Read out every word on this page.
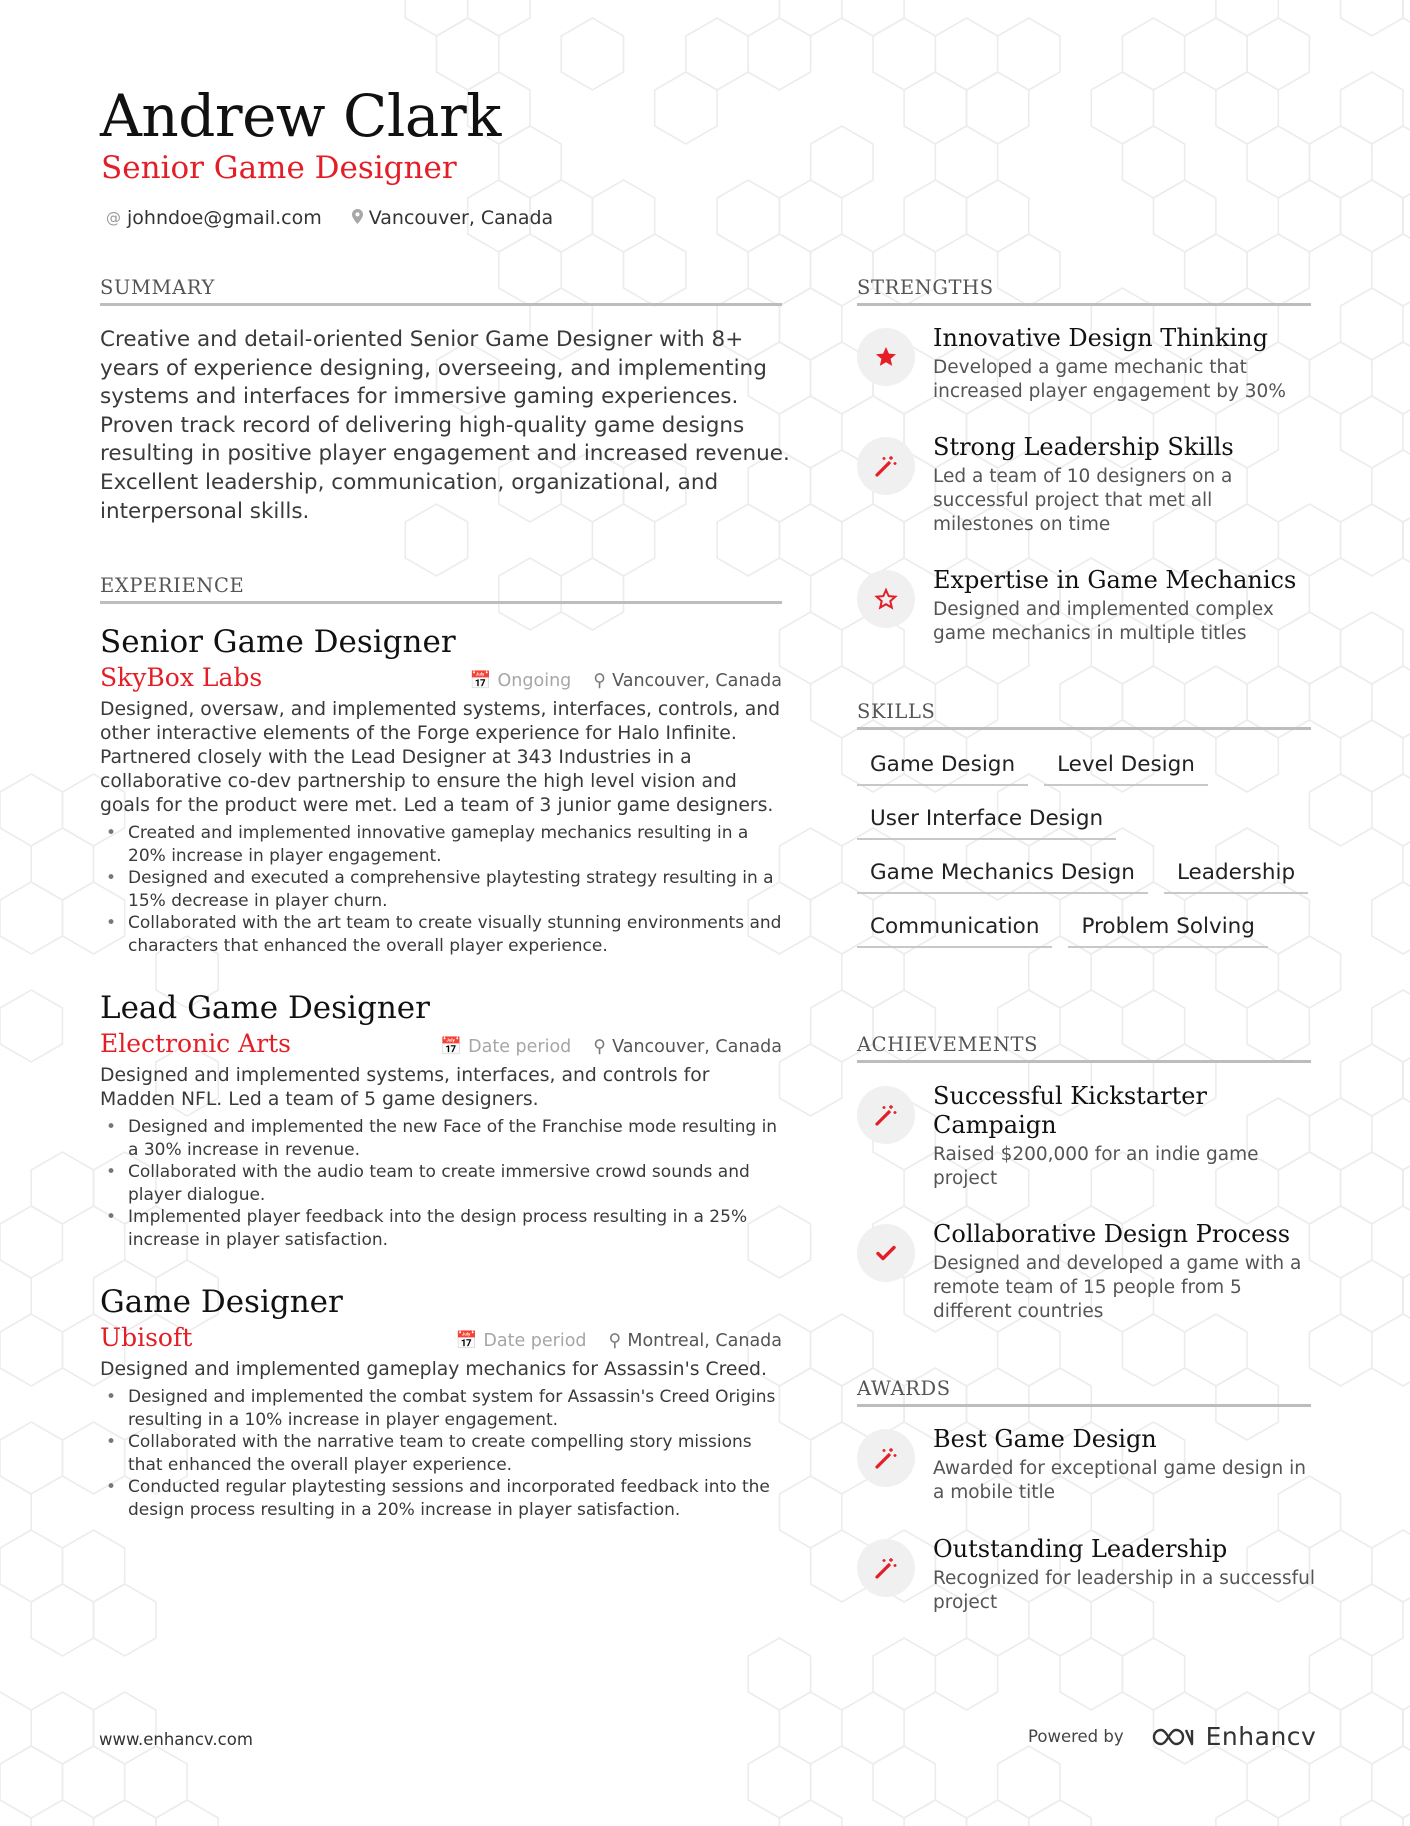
Andrew Clark
Senior Game Designer
@ johndoe@gmail.com Vancouver, Canada
SUMMARY
Creative and detail-oriented Senior Game Designer with 8+ years of experience designing, overseeing, and implementing systems and interfaces for immersive gaming experiences. Proven track record of delivering high-quality game designs resulting in positive player engagement and increased revenue. Excellent leadership, communication, organizational, and interpersonal skills.
EXPERIENCE
Senior Game Designer
SkyBox Labs	📅 Ongoing ⚲ Vancouver, Canada
Designed, oversaw, and implemented systems, interfaces, controls, and other interactive elements of the Forge experience for Halo Infinite. Partnered closely with the Lead Designer at 343 Industries in a collaborative co-dev partnership to ensure the high level vision and goals for the product were met. Led a team of 3 junior game designers.
• Created and implemented innovative gameplay mechanics resulting in a 20% increase in player engagement.
• Designed and executed a comprehensive playtesting strategy resulting in a 15% decrease in player churn.
• Collaborated with the art team to create visually stunning environments and characters that enhanced the overall player experience.
Lead Game Designer
Electronic Arts	📅 Date period ⚲ Vancouver, Canada
Designed and implemented systems, interfaces, and controls for Madden NFL. Led a team of 5 game designers.
• Designed and implemented the new Face of the Franchise mode resulting in a 30% increase in revenue.
• Collaborated with the audio team to create immersive crowd sounds and player dialogue.
• Implemented player feedback into the design process resulting in a 25% increase in player satisfaction.
Game Designer
Ubisoft	📅 Date period ⚲ Montreal, Canada
Designed and implemented gameplay mechanics for Assassin's Creed.
• Designed and implemented the combat system for Assassin's Creed Origins resulting in a 10% increase in player engagement.
• Collaborated with the narrative team to create compelling story missions that enhanced the overall player experience.
• Conducted regular playtesting sessions and incorporated feedback into the design process resulting in a 20% increase in player satisfaction.
STRENGTHS
Innovative Design Thinking
Developed a game mechanic that increased player engagement by 30%
Strong Leadership Skills
Led a team of 10 designers on a successful project that met all milestones on time
Expertise in Game Mechanics
Designed and implemented complex game mechanics in multiple titles
SKILLS
Game Design	Level Design
User Interface Design
Game Mechanics Design	Leadership
Communication	Problem Solving
ACHIEVEMENTS
Successful Kickstarter Campaign
Raised $200,000 for an indie game project
Collaborative Design Process
Designed and developed a game with a remote team of 15 people from 5 different countries
AWARDS
Best Game Design
Awarded for exceptional game design in a mobile title
Outstanding Leadership
Recognized for leadership in a successful project
www.enhancv.com	Powered by	Enhancv
